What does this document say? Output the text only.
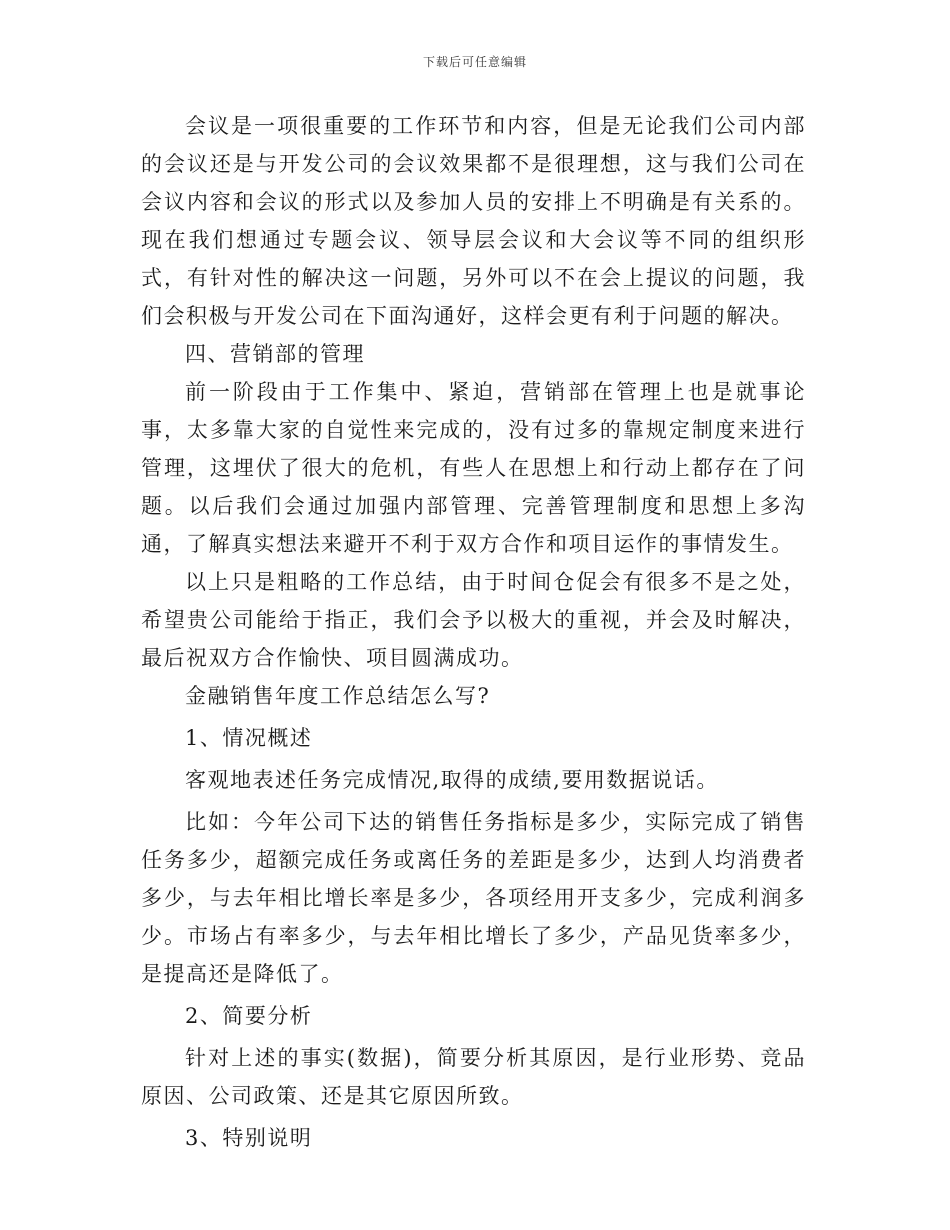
下载后可任意编辑

会议是一项很重要的工作环节和内容，但是无论我们公司内部的会议还是与开发公司的会议效果都不是很理想，这与我们公司在会议内容和会议的形式以及参加人员的安排上不明确是有关系的。现在我们想通过专题会议、领导层会议和大会议等不同的组织形式，有针对性的解决这一问题，另外可以不在会上提议的问题，我们会积极与开发公司在下面沟通好，这样会更有利于问题的解决。

四、营销部的管理

前一阶段由于工作集中、紧迫，营销部在管理上也是就事论事，太多靠大家的自觉性来完成的，没有过多的靠规定制度来进行管理，这埋伏了很大的危机，有些人在思想上和行动上都存在了问题。以后我们会通过加强内部管理、完善管理制度和思想上多沟通，了解真实想法来避开不利于双方合作和项目运作的事情发生。

以上只是粗略的工作总结，由于时间仓促会有很多不是之处，希望贵公司能给于指正，我们会予以极大的重视，并会及时解决，最后祝双方合作愉快、项目圆满成功。

金融销售年度工作总结怎么写?

1、情况概述

客观地表述任务完成情况,取得的成绩,要用数据说话。

比如：今年公司下达的销售任务指标是多少，实际完成了销售任务多少，超额完成任务或离任务的差距是多少，达到人均消费者多少，与去年相比增长率是多少，各项经用开支多少，完成利润多少。市场占有率多少，与去年相比增长了多少，产品见货率多少，是提高还是降低了。

2、简要分析

针对上述的事实(数据)，简要分析其原因，是行业形势、竞品原因、公司政策、还是其它原因所致。

3、特别说明
